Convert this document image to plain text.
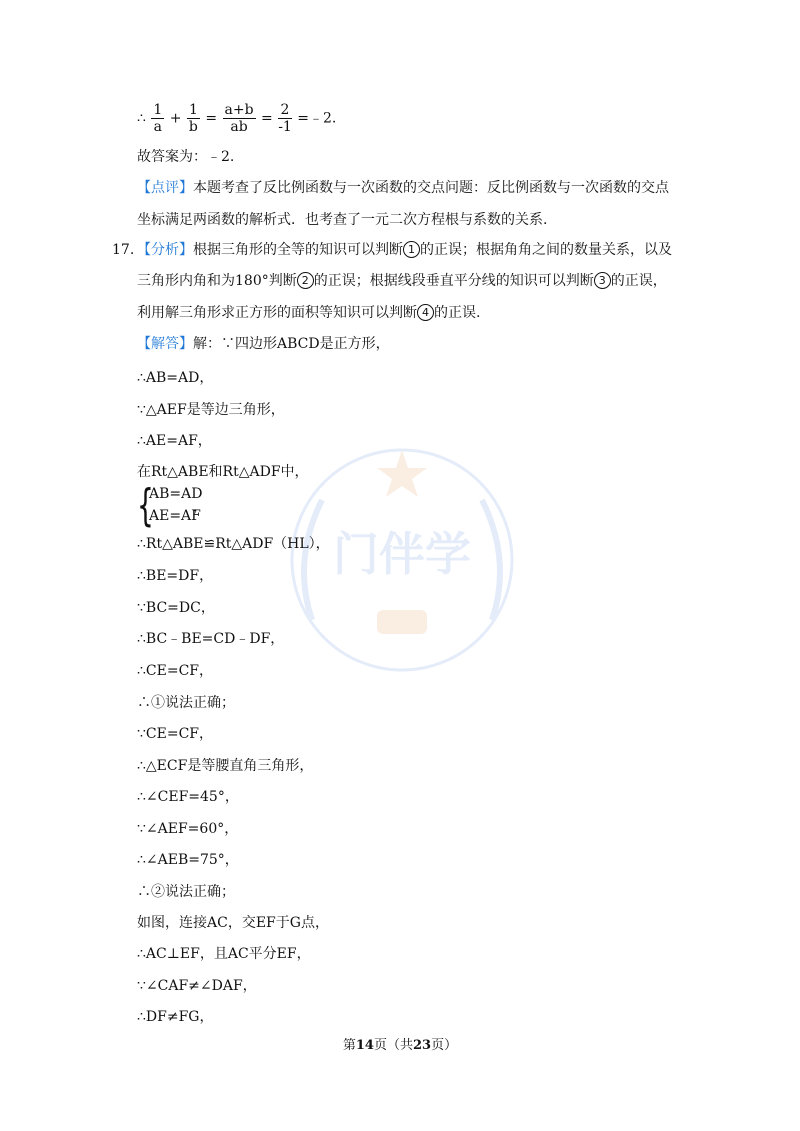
∴ $\frac{1}{a} + \frac{1}{b} = \frac{a+b}{ab} = \frac{2}{-1}$ =﹣2.
故答案为：﹣2.
【点评】本题考查了反比例函数与一次函数的交点问题：反比例函数与一次函数的交点
坐标满足两函数的解析式．也考查了一元二次方程根与系数的关系.
17. 【分析】根据三角形的全等的知识可以判断 1 的正误；根据角角之间的数量关系，以及
三角形内角和为180°判断 2 的正误；根据线段垂直平分线的知识可以判断 3 的正误，
利用解三角形求正方形的面积等知识可以判断 4 的正误.
【解答】解：∵四边形ABCD是正方形，
∴AB=AD，
∵△AEF是等边三角形，
∴AE=AF，
在Rt△ABE和Rt△ADF中，
{
AB=AD
AE=AF
，
∴Rt△ABE≌Rt△ADF（HL），
∴BE=DF，
∵BC=DC，
∴BC﹣BE=CD﹣DF，
∴CE=CF，
∴①说法正确；
∵CE=CF，
∴△ECF是等腰直角三角形，
∴∠CEF=45°，
∵∠AEF=60°，
∴∠AEB=75°，
∴②说法正确；
如图，连接AC，交EF于G点，
∴AC⊥EF，且AC平分EF，
∵∠CAF≠∠DAF，
∴DF≠FG，
门伴学
第14页（共23页）
